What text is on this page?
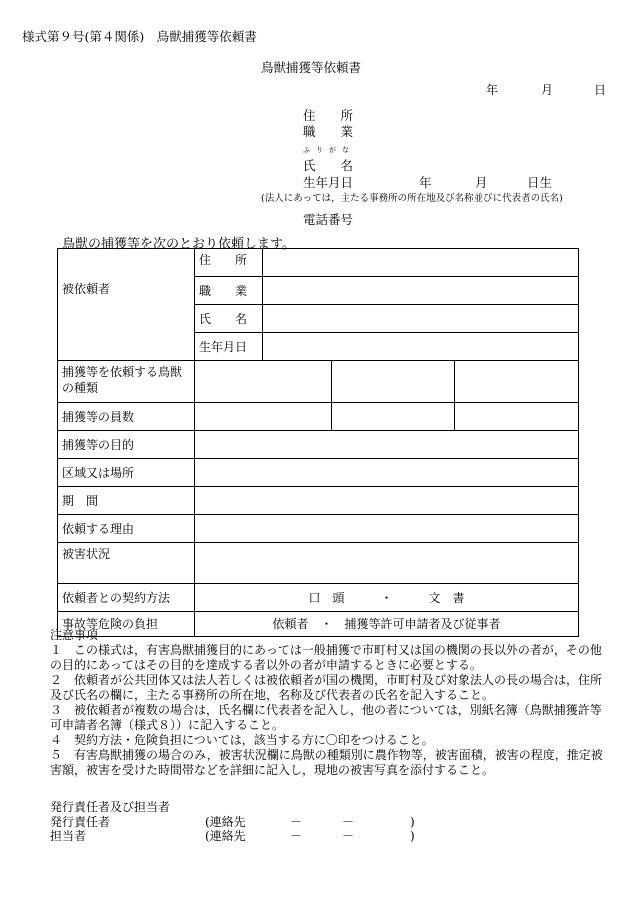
様式第９号(第４関係)　鳥獣捕獲等依頼書
鳥獣捕獲等依頼書
年	月	日
住　　所
職　　業
ふりがな
氏　　名
生年月日	年	月	日生
(法人にあっては，主たる事務所の所在地及び名称並びに代表者の氏名)
電話番号
鳥獣の捕獲等を次のとおり依頼します。
被依頼者	住　　所			
	職　　業			
	氏　　名			
	生年月日			
捕獲等を依頼する鳥獣の種類				
捕獲等の員数				
捕獲等の目的				
区域又は場所				
期　間				
依頼する理由				
被害状況				
依頼者との契約方法	口　頭　　　・　　　文　書			
事故等危険の負担	依頼者　・　捕獲等許可申請者及び従事者			

注意事項

１　この様式は，有害鳥獣捕獲目的にあっては一般捕獲で市町村又は国の機関の長以外の者が，その他の目的にあってはその目的を達成する者以外の者が申請するときに必要とする。

２　依頼者が公共団体又は法人若しくは被依頼者が国の機関，市町村及び対象法人の長の場合は，住所及び氏名の欄に，主たる事務所の所在地，名称及び代表者の氏名を記入すること。

３　被依頼者が複数の場合は，氏名欄に代表者を記入し，他の者については，別紙名簿（鳥獣捕獲許等可申請者名簿（様式８））に記入すること。

４　契約方法・危険負担については，該当する方に〇印をつけること。

５　有害鳥獣捕獲の場合のみ，被害状況欄に鳥獣の種類別に農作物等，被害面積，被害の程度，推定被害額，被害を受けた時間帯などを詳細に記入し，現地の被害写真を添付すること。

発行責任者及び担当者
発行責任者	(連絡先	－	－	)
担当者	(連絡先	－	－	)
